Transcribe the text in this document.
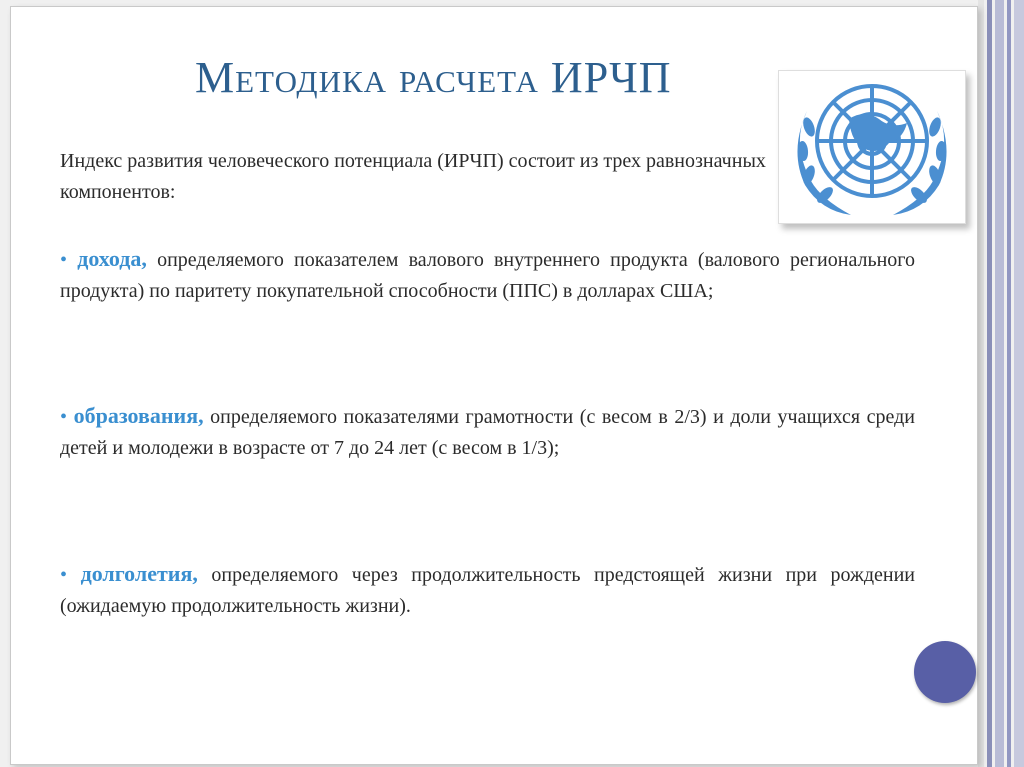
Методика расчета ИРЧП
Индекс развития человеческого потенциала (ИРЧП) состоит из трех равнозначных компонентов:
• дохода, определяемого показателем валового внутреннего продукта (валового регионального продукта) по паритету покупательной способности (ППС) в долларах США;
• образования, определяемого показателями грамотности (с весом в 2/3) и доли учащихся среди детей и молодежи в возрасте от 7 до 24 лет (с весом в 1/3);
• долголетия, определяемого через продолжительность предстоящей жизни при рождении (ожидаемую продолжительность жизни).
